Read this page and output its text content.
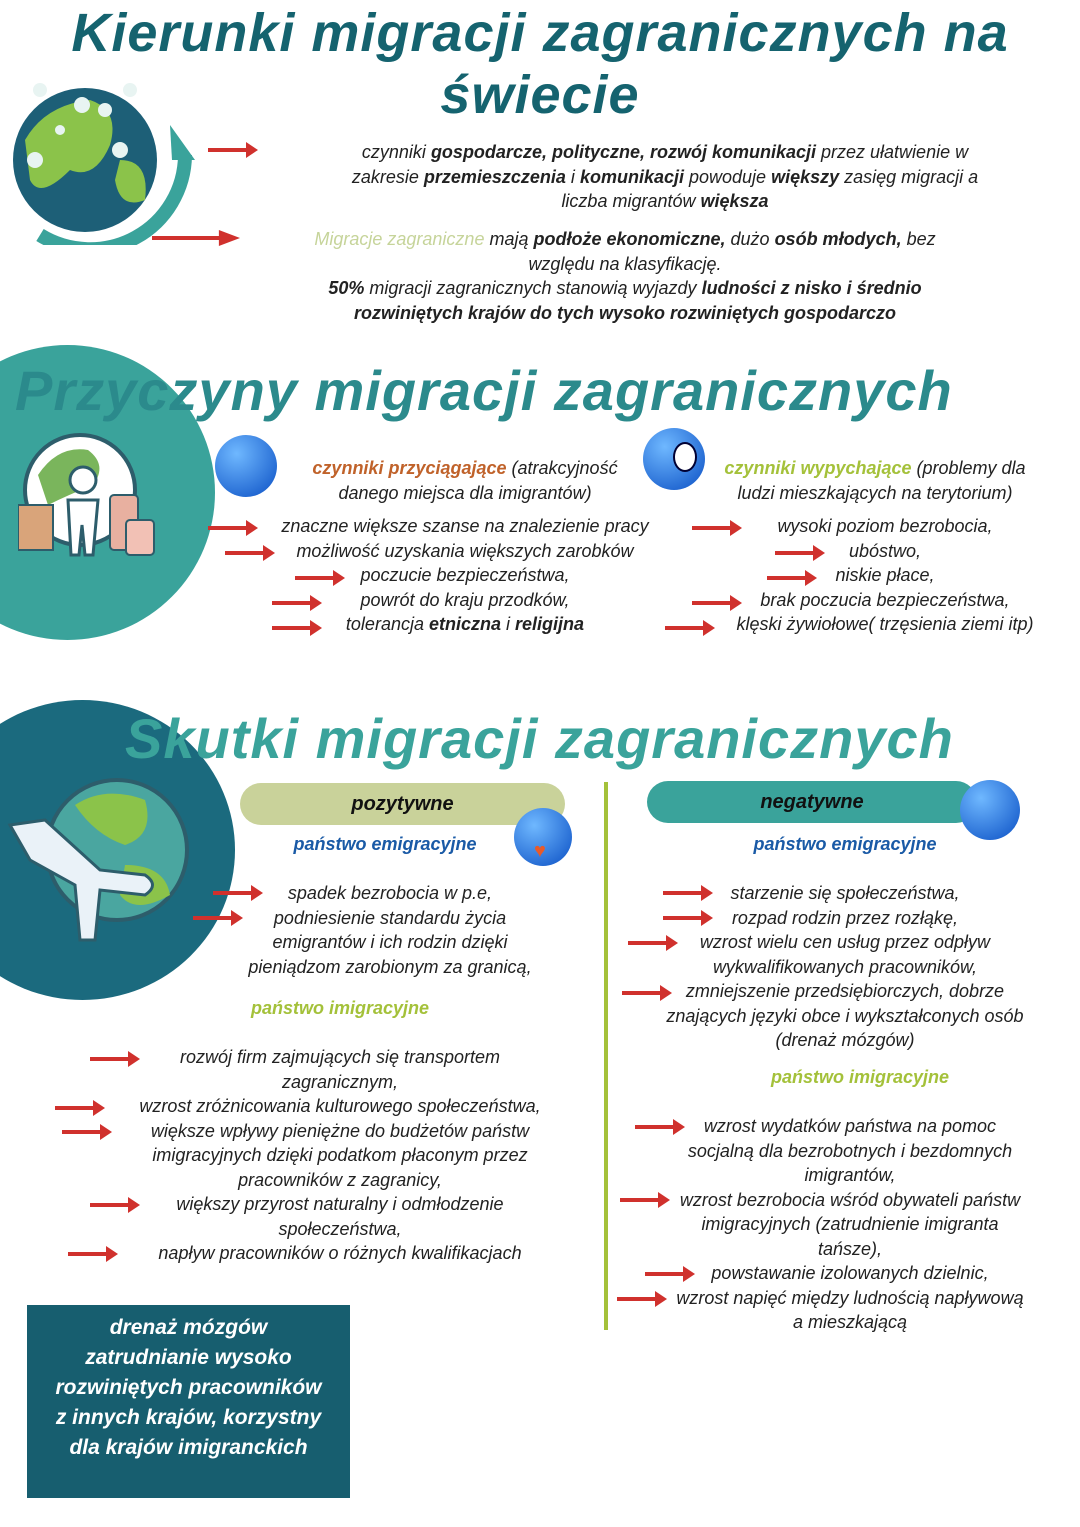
Kierunki migracji zagranicznych na
świecie
czynniki gospodarcze, polityczne, rozwój komunikacji przez ułatwienie w
zakresie przemieszczenia i komunikacji powoduje większy zasięg migracji a
liczba migrantów większa
Migracje zagraniczne mają podłoże ekonomiczne, dużo osób młodych, bez
względu na klasyfikację.
50% migracji zagranicznych stanowią wyjazdy ludności z nisko i średnio
rozwiniętych krajów do tych wysoko rozwiniętych gospodarczo
Przyczyny migracji zagranicznych
czynniki przyciągające (atrakcyjność
danego miejsca dla imigrantów)
czynniki wypychające (problemy dla
ludzi mieszkających na terytorium)
znaczne większe szanse na znalezienie pracy
możliwość uzyskania większych zarobków
poczucie bezpieczeństwa,
powrót do kraju przodków,
tolerancja etniczna i religijna
wysoki poziom bezrobocia,
ubóstwo,
niskie płace,
brak poczucia bezpieczeństwa,
klęski żywiołowe( trzęsienia ziemi itp)
Skutki migracji zagranicznych
pozytywne	negatywne
♥
państwo emigracyjne
spadek bezrobocia w p.e,
podniesienie standardu życia
emigrantów i ich rodzin dzięki
pieniądzom zarobionym za granicą,
państwo imigracyjne
rozwój firm zajmujących się transportem
zagranicznym,
wzrost zróżnicowania kulturowego społeczeństwa,
większe wpływy pieniężne do budżetów państw
imigracyjnych dzięki podatkom płaconym przez
pracowników z zagranicy,
większy przyrost naturalny i odmłodzenie
społeczeństwa,
napływ pracowników o różnych kwalifikacjach
państwo emigracyjne
starzenie się społeczeństwa,
rozpad rodzin przez rozłąkę,
wzrost wielu cen usług przez odpływ
wykwalifikowanych pracowników,
zmniejszenie przedsiębiorczych, dobrze
znających języki obce i wykształconych osób
(drenaż mózgów)
państwo imigracyjne
wzrost wydatków państwa na pomoc
socjalną dla bezrobotnych i bezdomnych
imigrantów,
wzrost bezrobocia wśród obywateli państw
imigracyjnych (zatrudnienie imigranta
tańsze),
powstawanie izolowanych dzielnic,
wzrost napięć między ludnością napływową
a mieszkającą
drenaż mózgów
zatrudnianie wysoko
rozwiniętych pracowników
z innych krajów, korzystny
dla krajów imigranckich
